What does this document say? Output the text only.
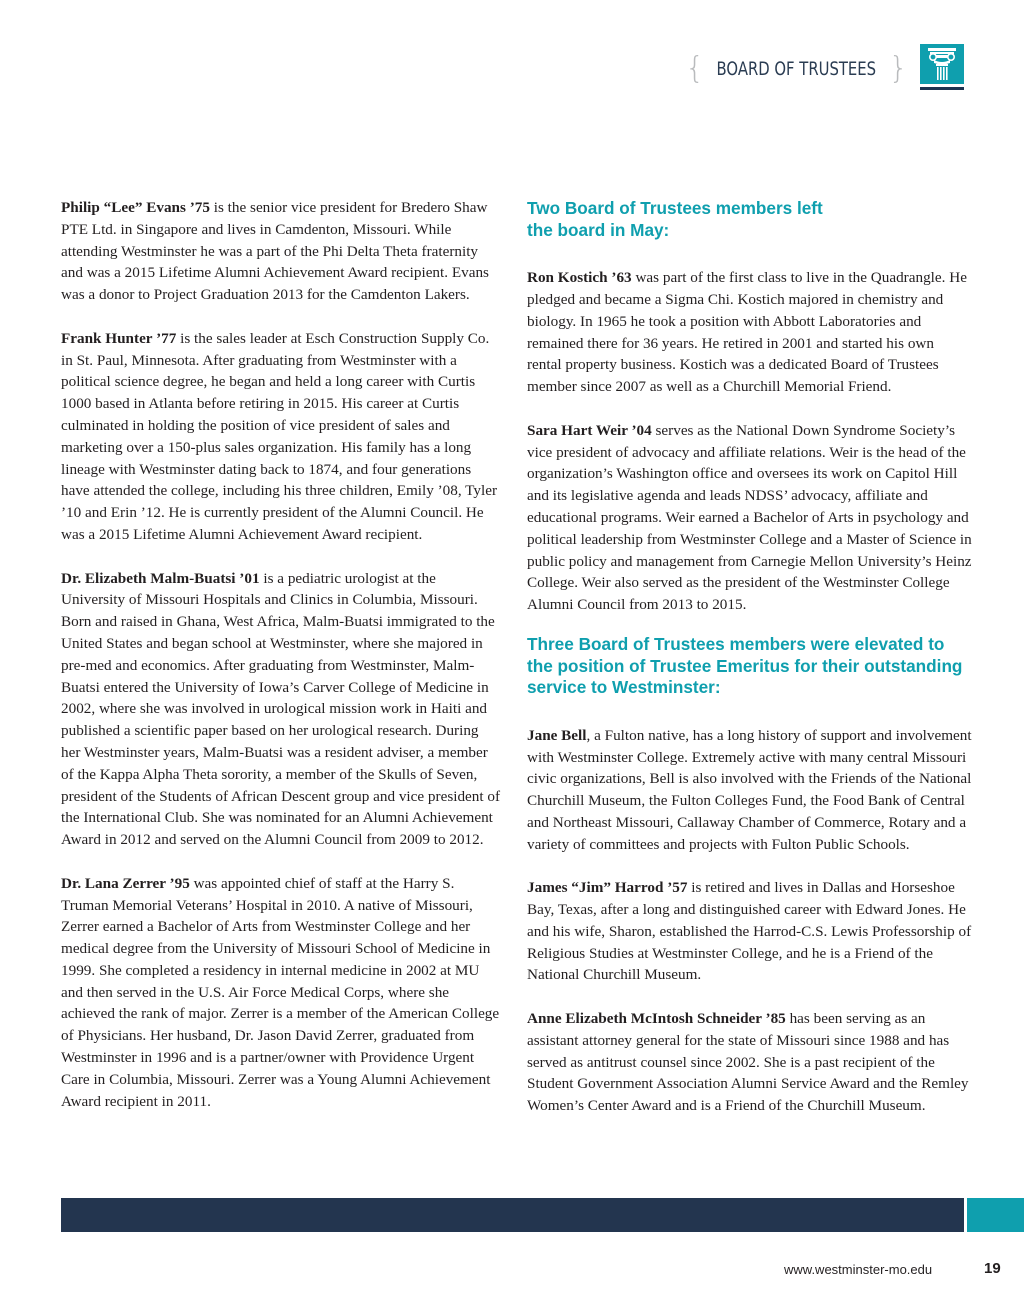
{ BOARD OF TRUSTEES }

Philip “Lee” Evans ’75 is the senior vice president for Bredero Shaw PTE Ltd. in Singapore and lives in Camdenton, Missouri. While attending Westminster he was a part of the Phi Delta Theta fraternity and was a 2015 Lifetime Alumni Achievement Award recipient. Evans was a donor to Project Graduation 2013 for the Camdenton Lakers.

Frank Hunter ’77 is the sales leader at Esch Construction Supply Co. in St. Paul, Minnesota. After graduating from Westminster with a political science degree, he began and held a long career with Curtis 1000 based in Atlanta before retiring in 2015. His career at Curtis culminated in holding the position of vice president of sales and marketing over a 150-plus sales organization. His family has a long lineage with Westminster dating back to 1874, and four generations have attended the college, including his three children, Emily ’08, Tyler ’10 and Erin ’12. He is currently president of the Alumni Council. He was a 2015 Lifetime Alumni Achievement Award recipient.

Dr. Elizabeth Malm-Buatsi ’01 is a pediatric urologist at the University of Missouri Hospitals and Clinics in Columbia, Missouri. Born and raised in Ghana, West Africa, Malm-Buatsi immigrated to the United States and began school at Westminster, where she majored in pre-med and economics. After graduating from Westminster, Malm-Buatsi entered the University of Iowa’s Carver College of Medicine in 2002, where she was involved in urological mission work in Haiti and published a scientific paper based on her urological research. During her Westminster years, Malm-Buatsi was a resident adviser, a member of the Kappa Alpha Theta sorority, a member of the Skulls of Seven, president of the Students of African Descent group and vice president of the International Club. She was nominated for an Alumni Achievement Award in 2012 and served on the Alumni Council from 2009 to 2012.

Dr. Lana Zerrer ’95 was appointed chief of staff at the Harry S. Truman Memorial Veterans’ Hospital in 2010. A native of Missouri, Zerrer earned a Bachelor of Arts from Westminster College and her medical degree from the University of Missouri School of Medicine in 1999. She completed a residency in internal medicine in 2002 at MU and then served in the U.S. Air Force Medical Corps, where she achieved the rank of major. Zerrer is a member of the American College of Physicians. Her husband, Dr. Jason David Zerrer, graduated from Westminster in 1996 and is a partner/owner with Providence Urgent Care in Columbia, Missouri. Zerrer was a Young Alumni Achievement Award recipient in 2011.

Two Board of Trustees members left the board in May:

Ron Kostich ’63 was part of the first class to live in the Quadrangle. He pledged and became a Sigma Chi. Kostich majored in chemistry and biology. In 1965 he took a position with Abbott Laboratories and remained there for 36 years. He retired in 2001 and started his own rental property business. Kostich was a dedicated Board of Trustees member since 2007 as well as a Churchill Memorial Friend.

Sara Hart Weir ’04 serves as the National Down Syndrome Society’s vice president of advocacy and affiliate relations. Weir is the head of the organization’s Washington office and oversees its work on Capitol Hill and its legislative agenda and leads NDSS’ advocacy, affiliate and educational programs. Weir earned a Bachelor of Arts in psychology and political leadership from Westminster College and a Master of Science in public policy and management from Carnegie Mellon University’s Heinz College. Weir also served as the president of the Westminster College Alumni Council from 2013 to 2015.

Three Board of Trustees members were elevated to the position of Trustee Emeritus for their outstanding service to Westminster:

Jane Bell, a Fulton native, has a long history of support and involvement with Westminster College. Extremely active with many central Missouri civic organizations, Bell is also involved with the Friends of the National Churchill Museum, the Fulton Colleges Fund, the Food Bank of Central and Northeast Missouri, Callaway Chamber of Commerce, Rotary and a variety of committees and projects with Fulton Public Schools.

James “Jim” Harrod ’57 is retired and lives in Dallas and Horseshoe Bay, Texas, after a long and distinguished career with Edward Jones. He and his wife, Sharon, established the Harrod-C.S. Lewis Professorship of Religious Studies at Westminster College, and he is a Friend of the National Churchill Museum.

Anne Elizabeth McIntosh Schneider ’85 has been serving as an assistant attorney general for the state of Missouri since 1988 and has served as antitrust counsel since 2002. She is a past recipient of the Student Government Association Alumni Service Award and the Remley Women’s Center Award and is a Friend of the Churchill Museum.

www.westminster-mo.edu	19
